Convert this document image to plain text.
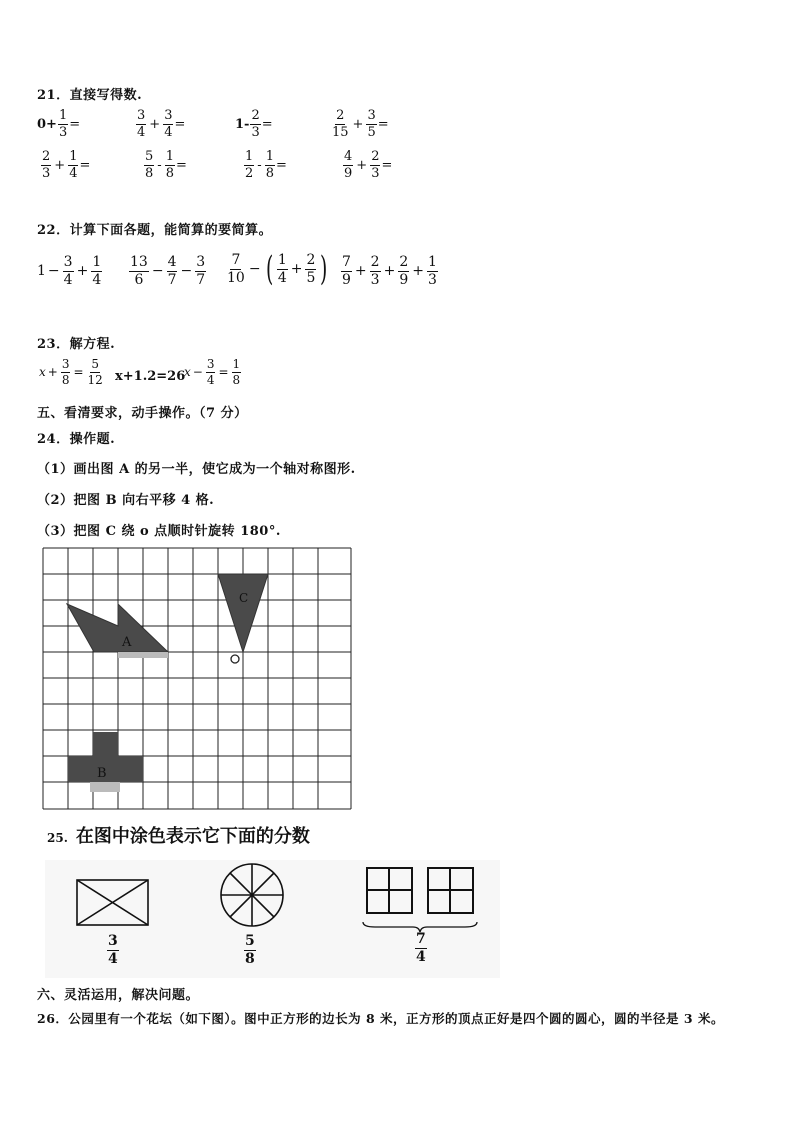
21．直接写得数.
$0+ \frac{1}{3}$ =	$\frac{3}{4} + \frac{3}{4}$ =	$1- \frac{2}{3}$ =	$\frac{2}{15} + \frac{3}{5}$ =
$\frac{2}{3} + \frac{1}{4}$ =	$\frac{5}{8} - \frac{1}{8}$ =	$\frac{1}{2} - \frac{1}{8}$ =	$\frac{4}{9} + \frac{2}{3}$ =
22．计算下面各题，能简算的要简算。
$1 - \frac{3}{4} + \frac{1}{4} \frac{13}{6} - \frac{4}{7} - \frac{3}{7} \frac{7}{10}$ − ( $\frac{1}{4} + \frac{2}{5}$ ) $\frac{7}{9} + \frac{2}{3} + \frac{2}{9} + \frac{1}{3}$
23．解方程.
$x + \frac{3}{8} = \frac{5}{12} x+1.2=26$
$x - \frac{3}{4} = \frac{1}{8}$
五、看清要求，动手操作。（7 分）
24．操作题.
（1）画出图 A 的另一半，使它成为一个轴对称图形.
（2）把图 B 向右平移 4 格.
（3）把图 C 绕 o 点顺时针旋转 180°.
A
C
B
25. 在图中涂色表示它下面的分数
$\frac{3}{4}$	$\frac{5}{8}$	$\frac{7}{4}$
六、灵活运用，解决问题。
26．公园里有一个花坛（如下图）。图中正方形的边长为 8 米，正方形的顶点正好是四个圆的圆心，圆的半径是 3 米。
